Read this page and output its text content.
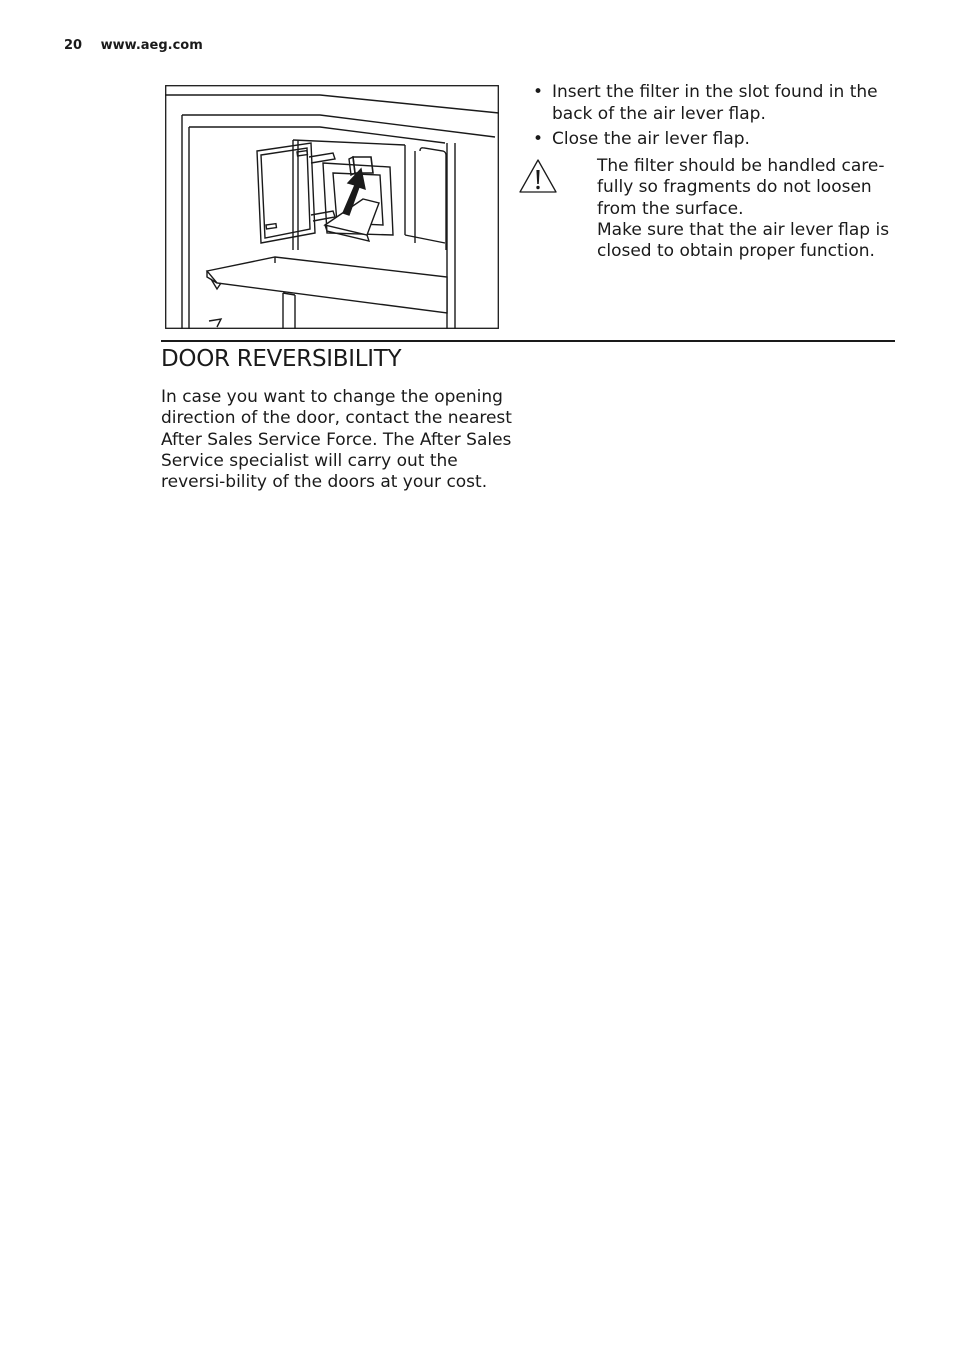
20 www.aeg.com
• Insert the filter in the slot found in the back of the air lever flap.
• Close the air lever flap.

The filter should be handled care-

fully so fragments do not loosen

from the surface.

Make sure that the air lever flap is

closed to obtain proper function.

DOOR REVERSIBILITY

In case you want to change the opening direction of the door, contact the nearest After Sales Service Force. The After Sales Service specialist will carry out the reversi-bility of the doors at your cost.
